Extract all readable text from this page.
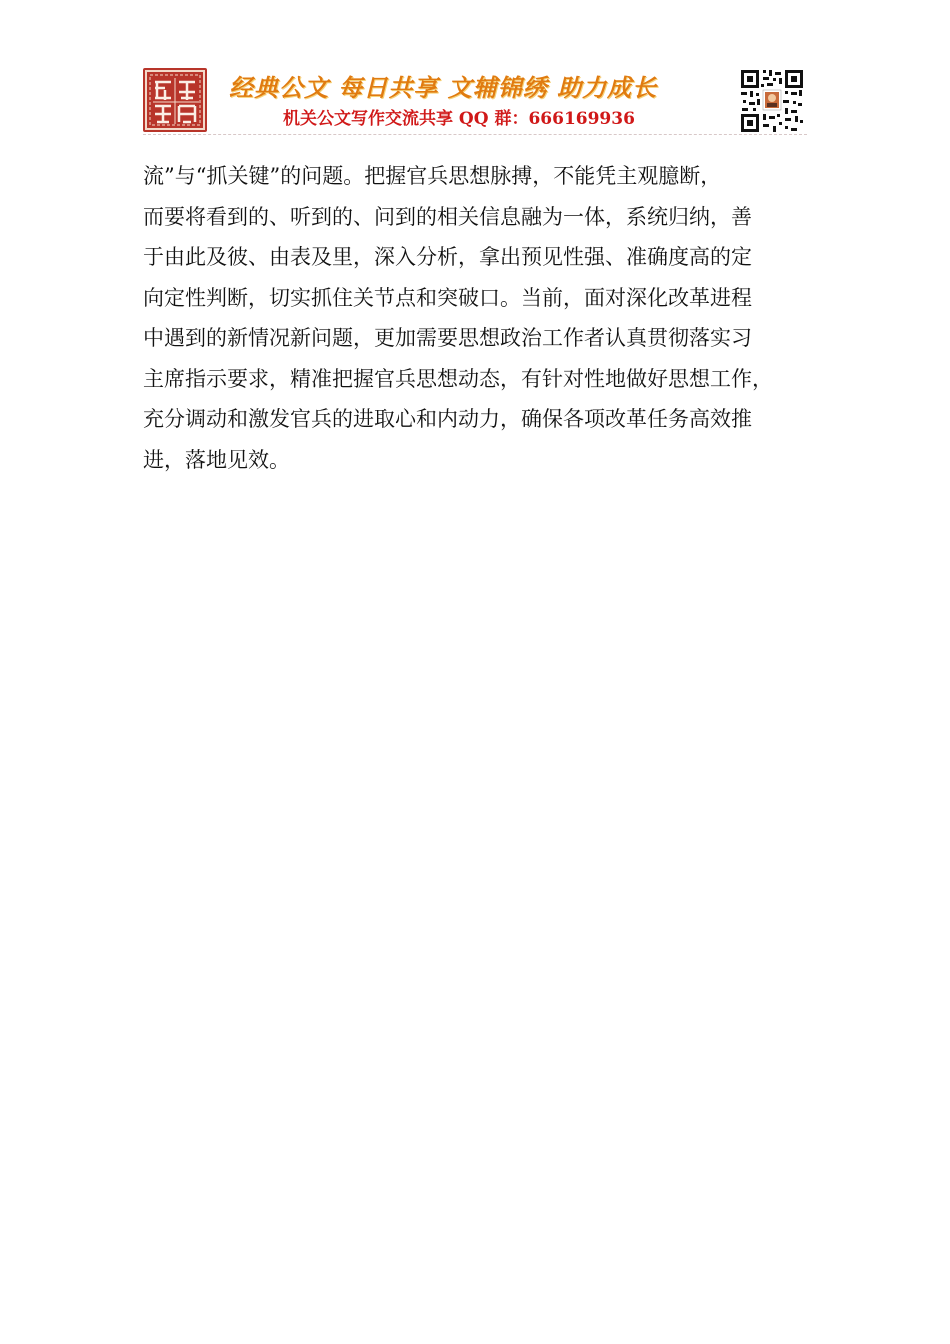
经典公文 每日共享 文辅锦绣 助力成长
机关公文写作交流共享 QQ 群：666169936
流”与“抓关键”的问题。把握官兵思想脉搏，不能凭主观臆断，
而要将看到的、听到的、问到的相关信息融为一体，系统归纳，善
于由此及彼、由表及里，深入分析，拿出预见性强、准确度高的定
向定性判断，切实抓住关节点和突破口。当前，面对深化改革进程
中遇到的新情况新问题，更加需要思想政治工作者认真贯彻落实习
主席指示要求，精准把握官兵思想动态，有针对性地做好思想工作，
充分调动和激发官兵的进取心和内动力，确保各项改革任务高效推
进，落地见效。
